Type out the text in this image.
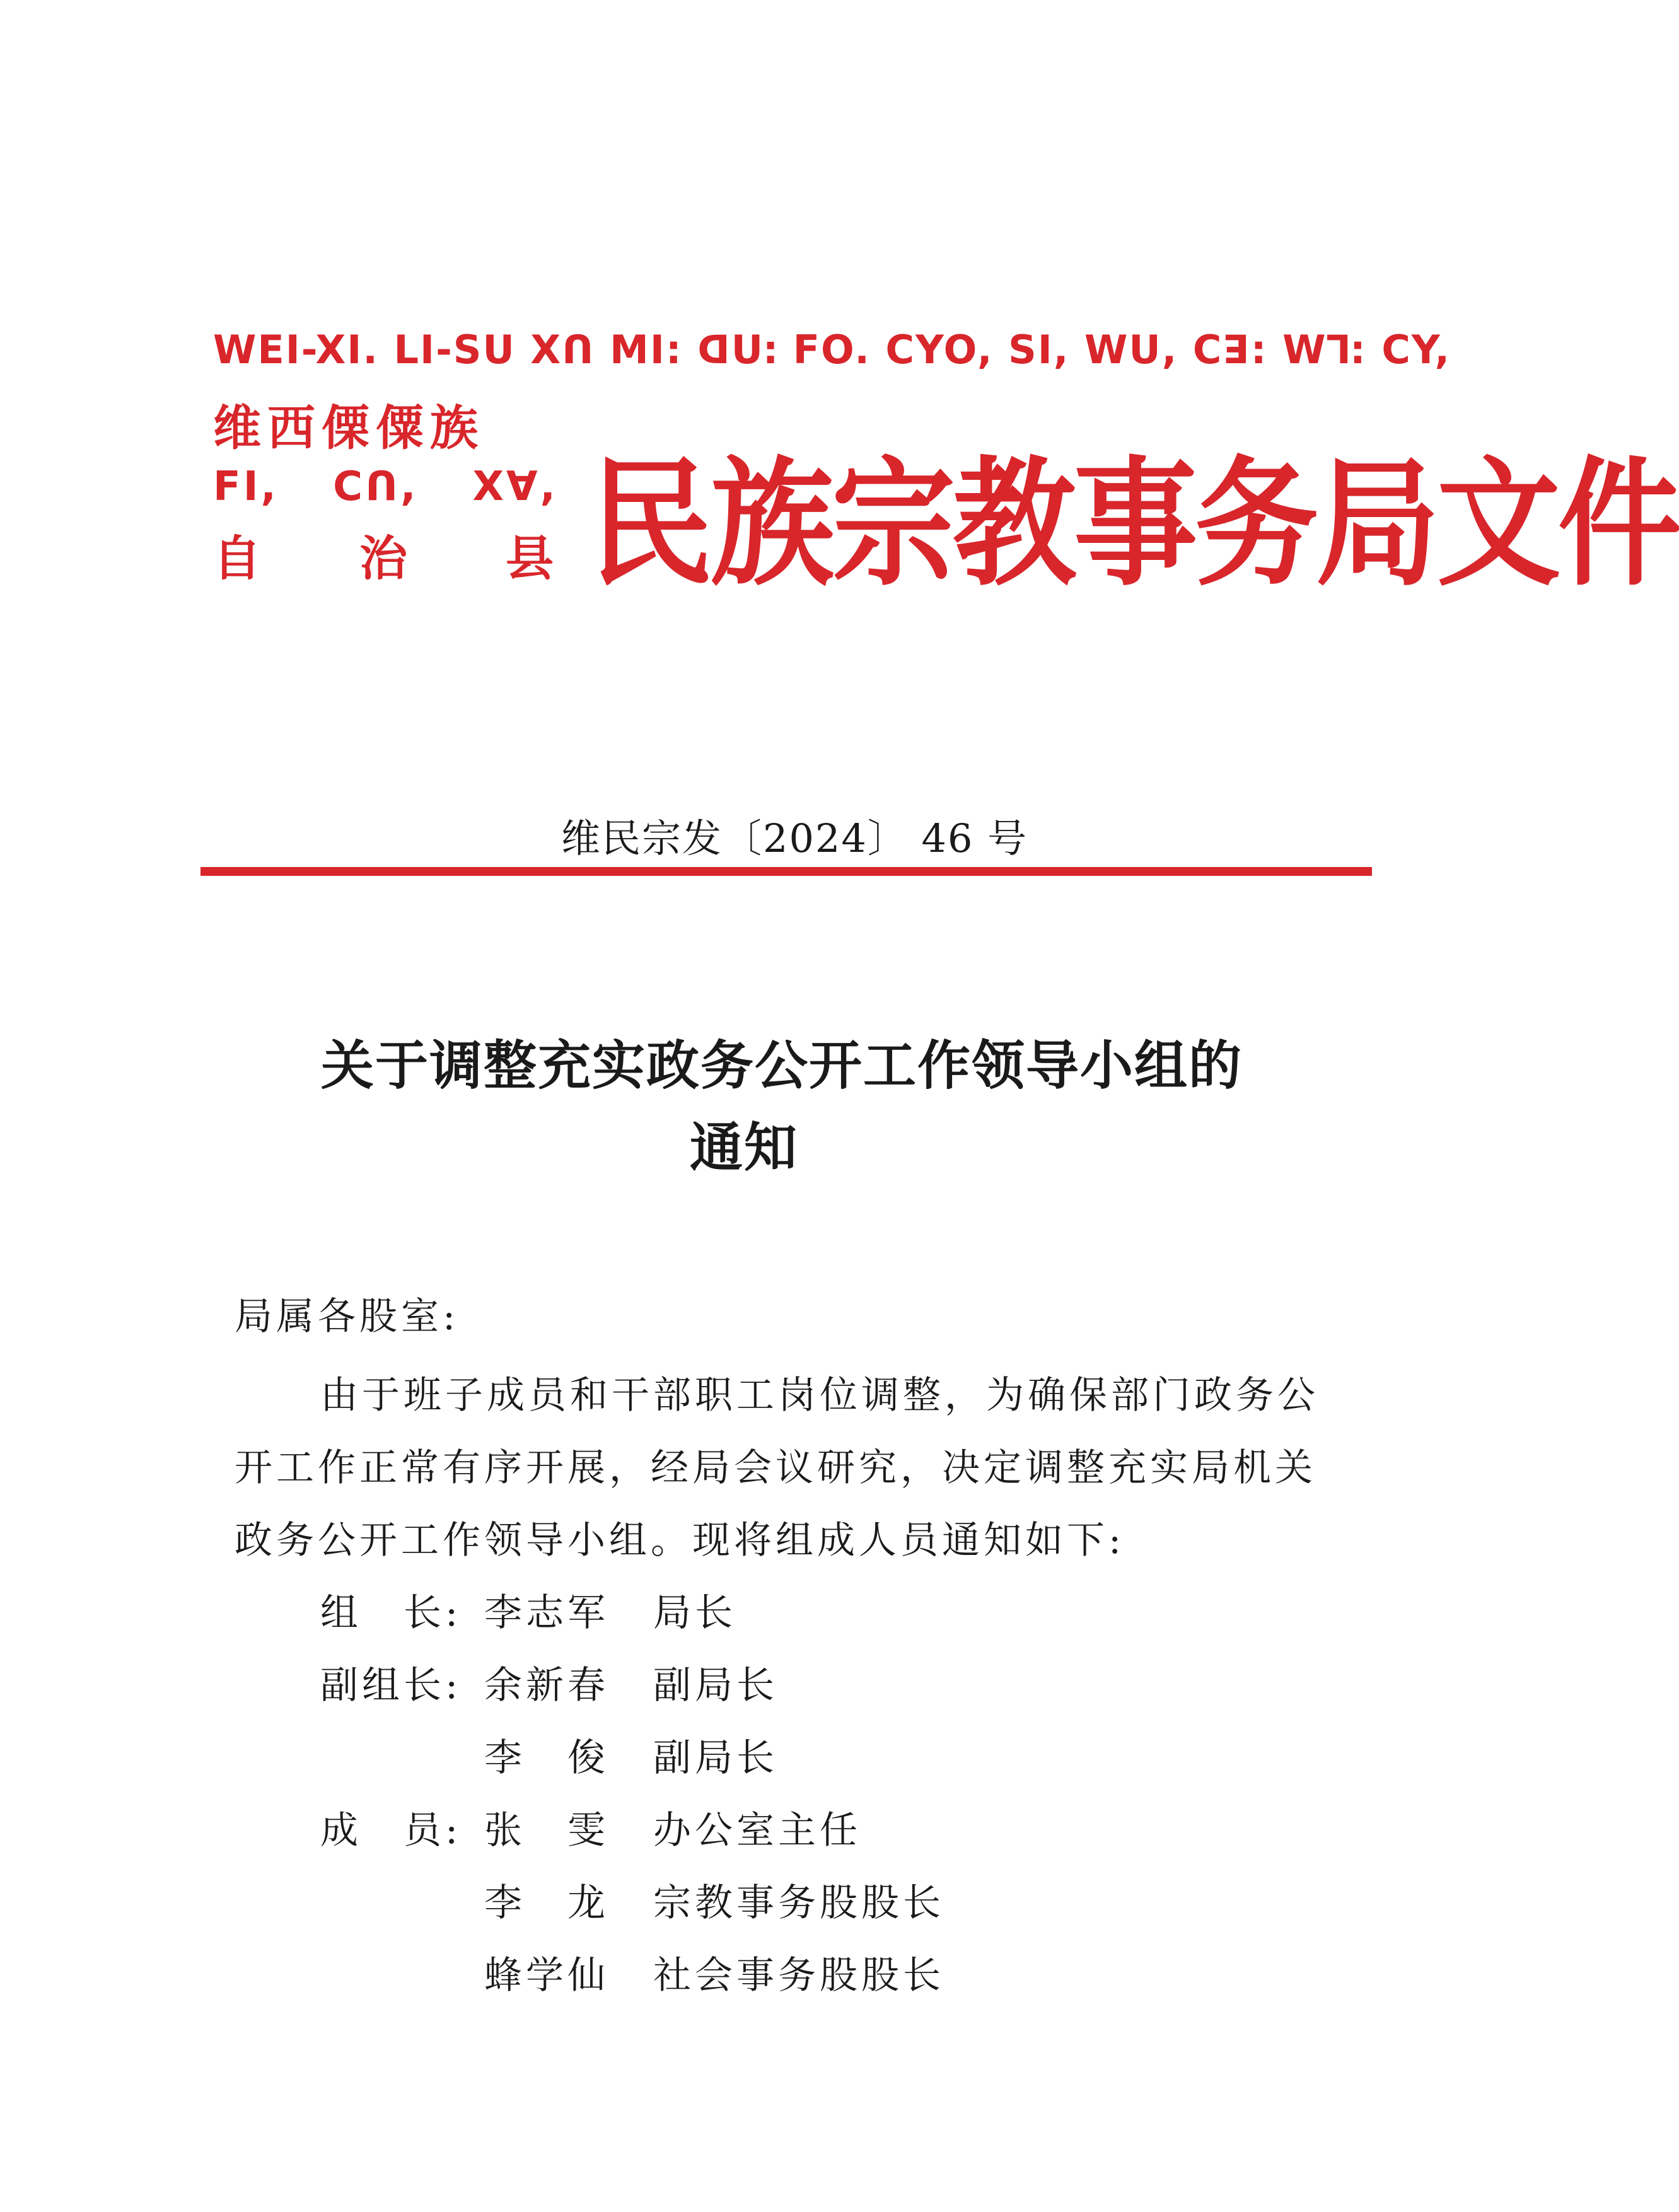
WEI-XI. LI-SU Xꓵ MI: ꓷUꓽ FO. CYO, SI, WU, Cꓱ: Wꓶ: CY,
维西傈僳族
FI, Cꓵ, Xꓯ,
自 治 县 民族宗教事务局文件
维民宗发〔2024〕 46 号
关于调整充实政务公开工作领导小组的
通知
局属各股室:
由于班子成员和干部职工岗位调整，为确保部门政务公
开工作正常有序开展，经局会议研究，决定调整充实局机关
政务公开工作领导小组。现将组成人员通知如下:
组　长: 李志军 局长
副组长: 余新春 副局长
李　俊 副局长
成　员: 张　雯 办公室主任
李　龙 宗教事务股股长
蜂学仙 社会事务股股长
